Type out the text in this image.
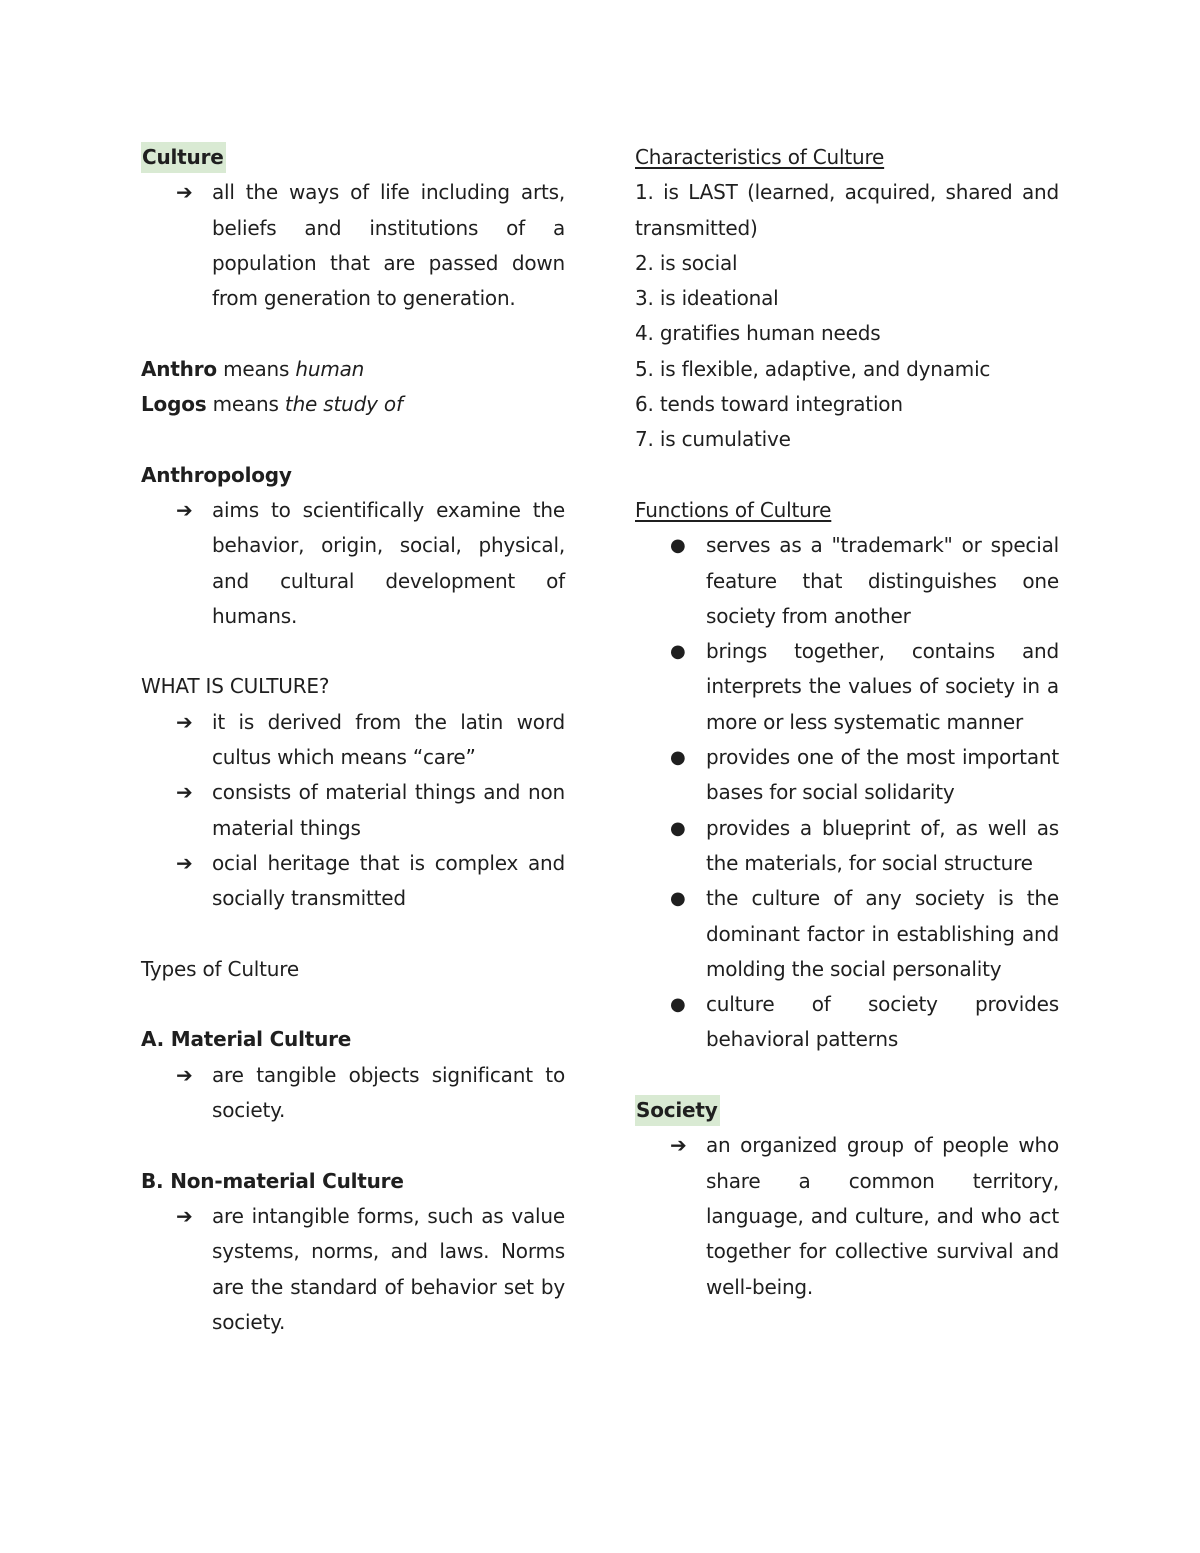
Culture
➔ all the ways of life including arts, beliefs and institutions of a population that are passed down from generation to generation.
Anthro means human
Logos means the study of
Anthropology
➔ aims to scientifically examine the behavior, origin, social, physical, and cultural development of humans.
WHAT IS CULTURE?
➔ it is derived from the latin word cultus which means “care”
➔ consists of material things and non material things
➔ ocial heritage that is complex and socially transmitted
Types of Culture
A. Material Culture
➔ are tangible objects significant to society.
B. Non-material Culture
➔ are intangible forms, such as value systems, norms, and laws. Norms are the standard of behavior set by society.
Characteristics of Culture
1. is LAST (learned, acquired, shared and transmitted)
2. is social
3. is ideational
4. gratifies human needs
5. is flexible, adaptive, and dynamic
6. tends toward integration
7. is cumulative
Functions of Culture
● serves as a "trademark" or special feature that distinguishes one society from another
● brings together, contains and interprets the values of society in a more or less systematic manner
● provides one of the most important bases for social solidarity
● provides a blueprint of, as well as the materials, for social structure
● the culture of any society is the dominant factor in establishing and molding the social personality
● culture of society provides behavioral patterns
Society
➔ an organized group of people who share a common territory, language, and culture, and who act together for collective survival and well-being.
